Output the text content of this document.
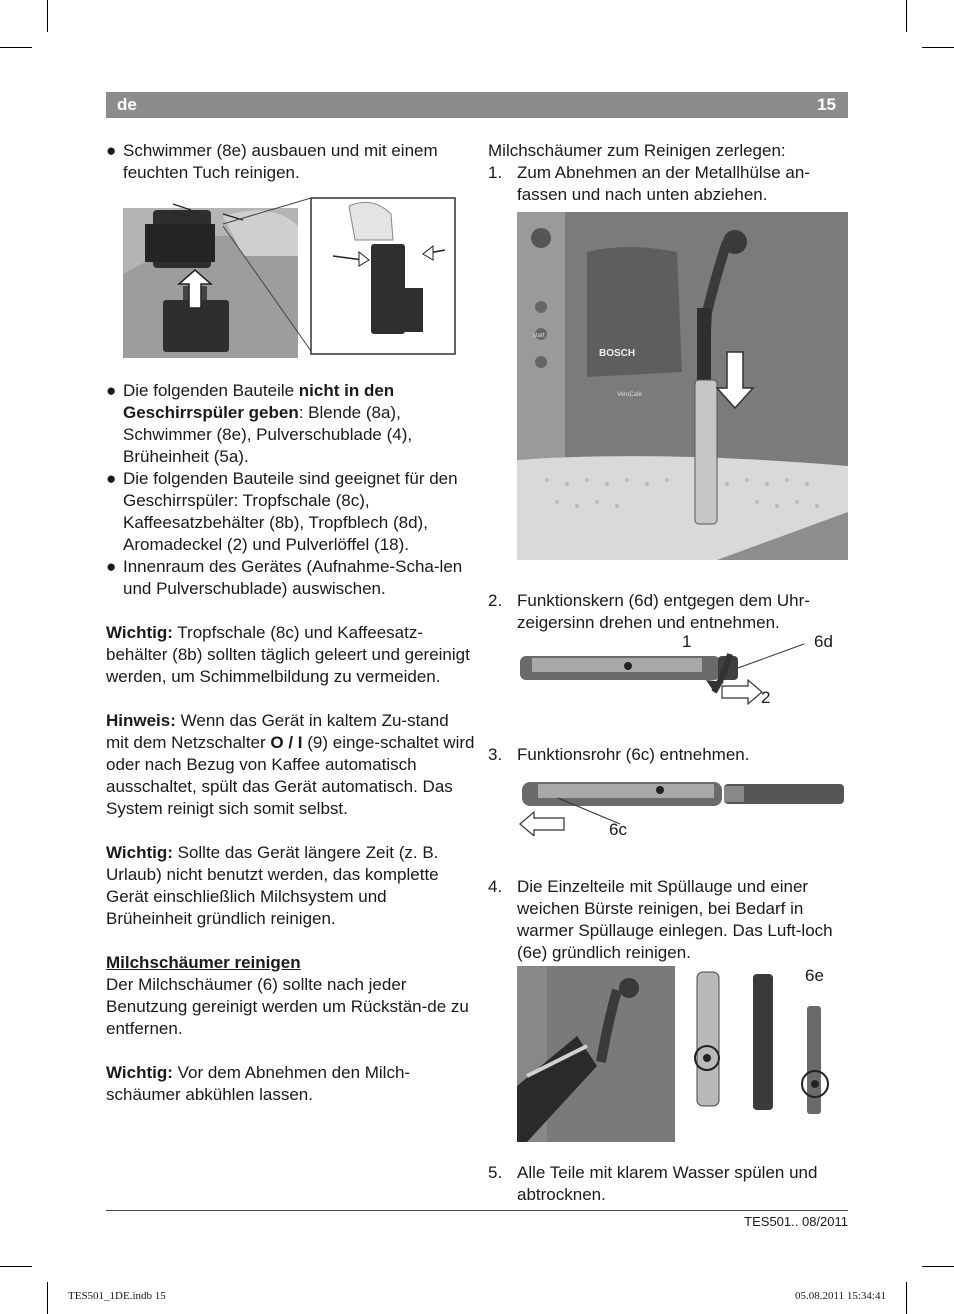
de	15
● Schwimmer (8e) ausbauen und mit einem feuchten Tuch reinigen.

● Die folgenden Bauteile nicht in den Geschirrspüler geben: Blende (8a), Schwimmer (8e), Pulverschublade (4), Brüheinheit (5a).

● Die folgenden Bauteile sind geeignet für den Geschirrspüler: Tropfschale (8c), Kaffeesatzbehälter (8b), Tropfblech (8d), Aromadeckel (2) und Pulverlöffel (18).

● Innenraum des Gerätes (Aufnahme-Scha-len und Pulverschublade) auswischen.

Wichtig: Tropfschale (8c) und Kaffeesatz-behälter (8b) sollten täglich geleert und gereinigt werden, um Schimmelbildung zu vermeiden.

Hinweis: Wenn das Gerät in kaltem Zu-stand mit dem Netzschalter O / I (9) einge-schaltet wird oder nach Bezug von Kaffee automatisch ausschaltet, spült das Gerät automatisch. Das System reinigt sich somit selbst.

Wichtig: Sollte das Gerät längere Zeit (z. B. Urlaub) nicht benutzt werden, das komplette Gerät einschließlich Milchsystem und Brüheinheit gründlich reinigen.

Milchschäumer reinigen

Der Milchschäumer (6) sollte nach jeder Benutzung gereinigt werden um Rückstän-de zu entfernen.

Wichtig: Vor dem Abnehmen den Milch-schäumer abkühlen lassen.

Milchschäumer zum Reinigen zerlegen:

1. Zum Abnehmen an der Metallhülse an-fassen und nach unten abziehen.

2. Funktionskern (6d) entgegen dem Uhr-zeigersinn drehen und entnehmen.

3. Funktionsrohr (6c) entnehmen.

4. Die Einzelteile mit Spüllauge und einer weichen Bürste reinigen, bei Bedarf in warmer Spüllauge einlegen. Das Luft-loch (6e) gründlich reinigen.

5. Alle Teile mit klarem Wasser spülen und abtrocknen.

start
BOSCH
VeroCafe
1	6d
2
6c
6e
TES501.. 08/2011
TES501_1DE.indb 15	05.08.2011 15:34:41
